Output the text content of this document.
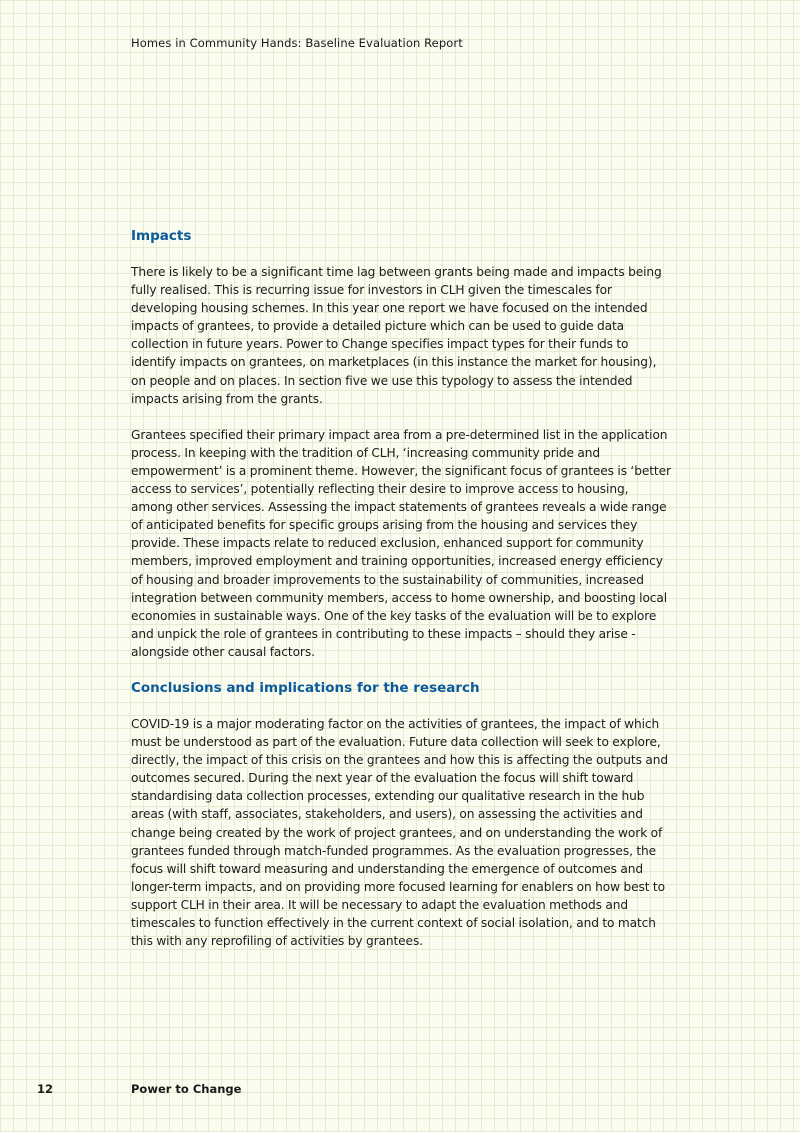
Homes in Community Hands: Baseline Evaluation Report
Impacts

There is likely to be a significant time lag between grants being made and impacts being fully realised. This is recurring issue for investors in CLH given the timescales for developing housing schemes. In this year one report we have focused on the intended impacts of grantees, to provide a detailed picture which can be used to guide data collection in future years. Power to Change specifies impact types for their funds to identify impacts on grantees, on marketplaces (in this instance the market for housing), on people and on places. In section five we use this typology to assess the intended impacts arising from the grants.

Grantees specified their primary impact area from a pre-determined list in the application process. In keeping with the tradition of CLH, ‘increasing community pride and empowerment’ is a prominent theme. However, the significant focus of grantees is ‘better access to services’, potentially reflecting their desire to improve access to housing, among other services. Assessing the impact statements of grantees reveals a wide range of anticipated benefits for specific groups arising from the housing and services they provide. These impacts relate to reduced exclusion, enhanced support for community members, improved employment and training opportunities, increased energy efficiency of housing and broader improvements to the sustainability of communities, increased integration between community members, access to home ownership, and boosting local economies in sustainable ways. One of the key tasks of the evaluation will be to explore and unpick the role of grantees in contributing to these impacts – should they arise - alongside other causal factors.

Conclusions and implications for the research

COVID-19 is a major moderating factor on the activities of grantees, the impact of which must be understood as part of the evaluation. Future data collection will seek to explore, directly, the impact of this crisis on the grantees and how this is affecting the outputs and outcomes secured. During the next year of the evaluation the focus will shift toward standardising data collection processes, extending our qualitative research in the hub areas (with staff, associates, stakeholders, and users), on assessing the activities and change being created by the work of project grantees, and on understanding the work of grantees funded through match-funded programmes. As the evaluation progresses, the focus will shift toward measuring and understanding the emergence of outcomes and longer-term impacts, and on providing more focused learning for enablers on how best to support CLH in their area. It will be necessary to adapt the evaluation methods and timescales to function effectively in the current context of social isolation, and to match this with any reprofiling of activities by grantees.

12	Power to Change
